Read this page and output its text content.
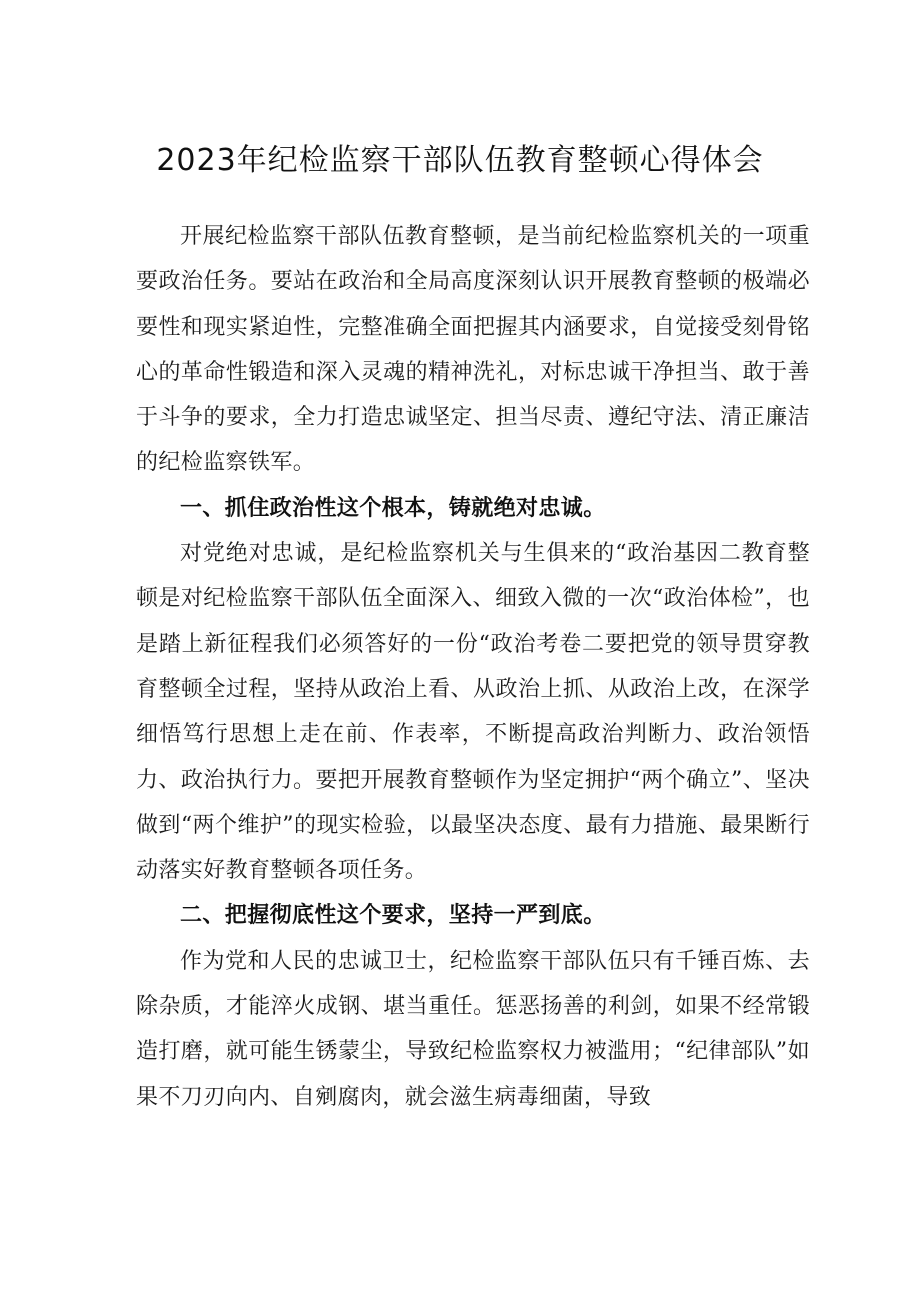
2023年纪检监察干部队伍教育整顿心得体会

开展纪检监察干部队伍教育整顿，是当前纪检监察机关的一项重要政治任务。要站在政治和全局高度深刻认识开展教育整顿的极端必要性和现实紧迫性，完整准确全面把握其内涵要求，自觉接受刻骨铭心的革命性锻造和深入灵魂的精神洗礼，对标忠诚干净担当、敢于善于斗争的要求，全力打造忠诚坚定、担当尽责、遵纪守法、清正廉洁的纪检监察铁军。

一、抓住政治性这个根本，铸就绝对忠诚。

对党绝对忠诚，是纪检监察机关与生俱来的“政治基因二教育整顿是对纪检监察干部队伍全面深入、细致入微的一次“政治体检”，也是踏上新征程我们必须答好的一份“政治考卷二要把党的领导贯穿教育整顿全过程，坚持从政治上看、从政治上抓、从政治上改，在深学细悟笃行思想上走在前、作表率，不断提高政治判断力、政治领悟力、政治执行力。要把开展教育整顿作为坚定拥护“两个确立”、坚决做到“两个维护”的现实检验，以最坚决态度、最有力措施、最果断行动落实好教育整顿各项任务。

二、把握彻底性这个要求，坚持一严到底。

作为党和人民的忠诚卫士，纪检监察干部队伍只有千锤百炼、去除杂质，才能淬火成钢、堪当重任。惩恶扬善的利剑，如果不经常锻造打磨，就可能生锈蒙尘，导致纪检监察权力被滥用；“纪律部队”如果不刀刃向内、自剜腐肉，就会滋生病毒细菌，导致
